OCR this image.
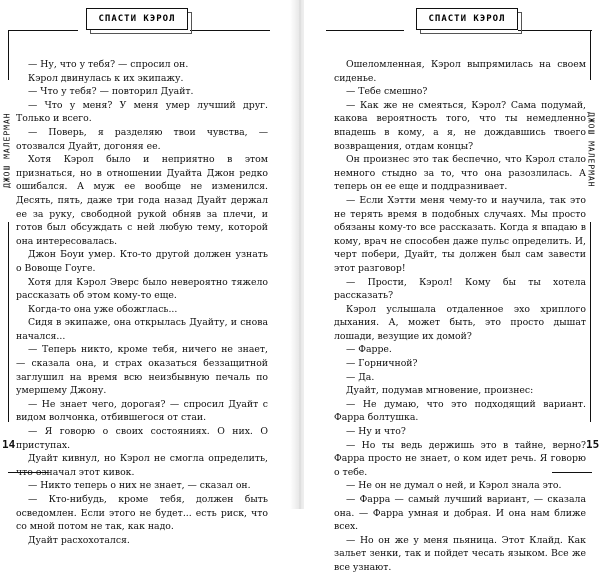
СПАСТИ КЭРОЛ
ДЖОШ МАЛЕРМАН

— Ну, что у тебя? — спросил он.

Кэрол двинулась к их экипажу.

— Что у тебя? — повторил Дуайт.

— Что у меня? У меня умер лучший друг. Только и всего.

— Поверь, я разделяю твои чувства, — отозвался Дуайт, догоняя ее.

Хотя Кэрол было и неприятно в этом признаться, но в отношении Дуайта Джон редко ошибался. А муж ее вообще не изменился. Десять, пять, даже три года назад Дуайт держал ее за руку, свободной рукой обняв за плечи, и готов был обсуждать с ней любую тему, которой она интересовалась.

Джон Боуи умер. Кто-то другой должен узнать о Вовоще Гоуге.

Хотя для Кэрол Эверс было невероятно тяжело рассказать об этом кому-то еще.

Когда-то она уже обожглась...

Сидя в экипаже, она открылась Дуайту, и снова начался...

— Теперь никто, кроме тебя, ничего не знает, — сказала она, и страх оказаться беззащитной заглушил на время всю неизбывную печаль по умершему Джону.

— Не знает чего, дорогая? — спросил Дуайт с видом волчонка, отбившегося от стаи.

— Я говорю о своих состояниях. О них. О приступах.

Дуайт кивнул, но Кэрол не смогла определить, что означал этот кивок.

— Никто теперь о них не знает, — сказал он.

— Кто-нибудь, кроме тебя, должен быть осведомлен. Если этого не будет... есть риск, что со мной потом не так, как надо.

Дуайт расхохотался.

14
СПАСТИ КЭРОЛ
ДЖОШ МАЛЕРМАН

Ошеломленная, Кэрол выпрямилась на своем сиденье.

— Тебе смешно?

— Как же не смеяться, Кэрол? Сама подумай, какова вероятность того, что ты немедленно впадешь в кому, а я, не дождавшись твоего возвращения, отдам концы?

Он произнес это так беспечно, что Кэрол стало немного стыдно за то, что она разозлилась. А теперь он ее еще и поддразнивает.

— Если Хэтти меня чему-то и научила, так это не терять время в подобных случаях. Мы просто обязаны кому-то все рассказать. Когда я впадаю в кому, врач не способен даже пульс определить. И, черт побери, Дуайт, ты должен был сам завести этот разговор!

— Прости, Кэрол! Кому бы ты хотела рассказать?

Кэрол услышала отдаленное эхо хриплого дыхания. А, может быть, это просто дышат лошади, везущие их домой?

— Фарре.

— Горничной?

— Да.

Дуайт, подумав мгновение, произнес:

— Не думаю, что это подходящий вариант. Фарра болтушка.

— Ну и что?

— Но ты ведь держишь это в тайне, верно? Фарра просто не знает, о ком идет речь. Я говорю о тебе.

— Не он не думал о ней, и Кэрол знала это.

— Фарра — самый лучший вариант, — сказала она. — Фарра умная и добрая. И она нам ближе всех.

— Но он же у меня пьяница. Этот Клайд. Как зальет зенки, так и пойдет чесать языком. Все же все узнают.

15
